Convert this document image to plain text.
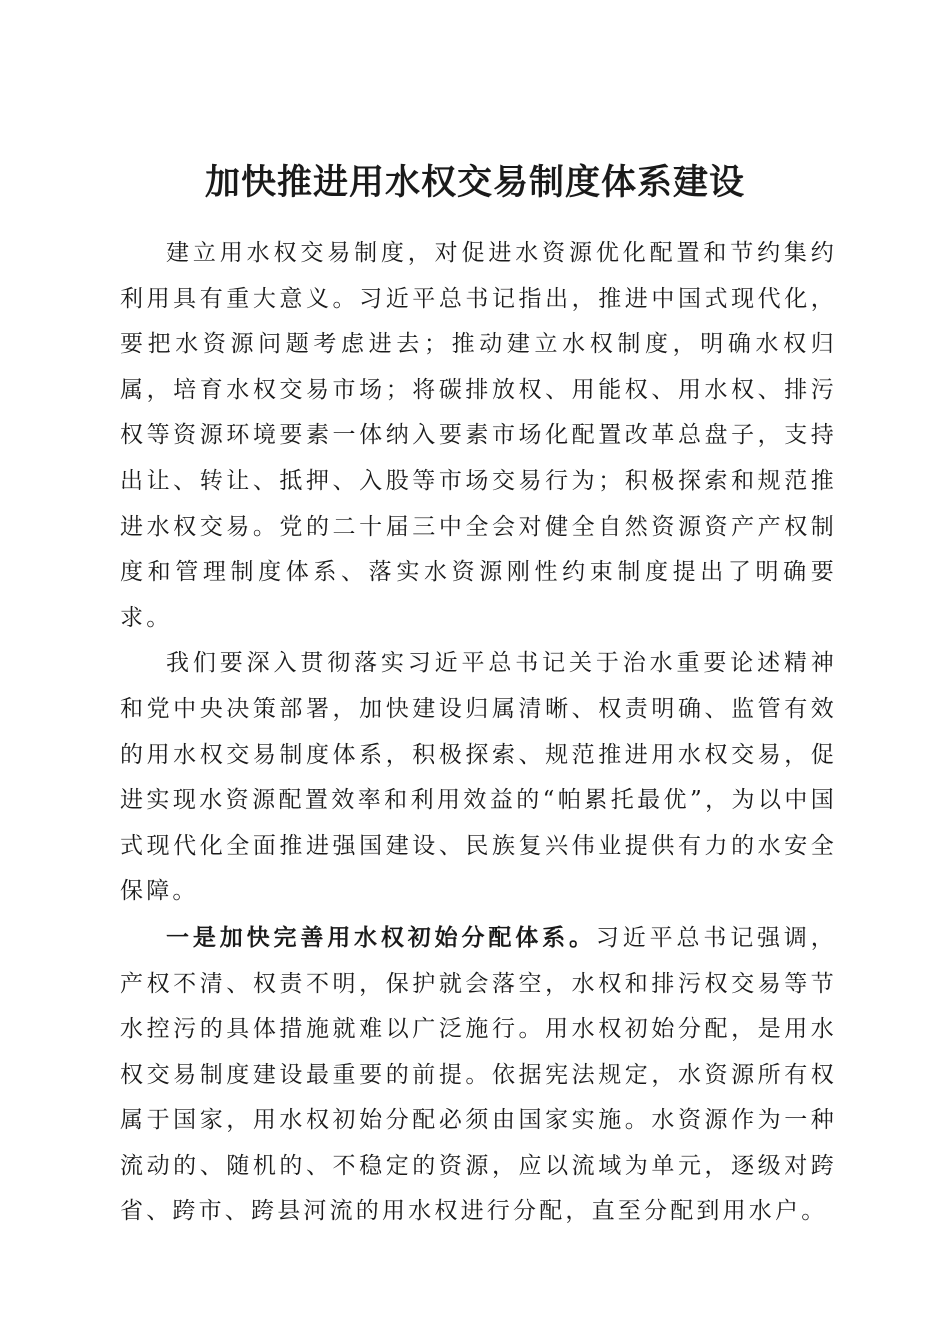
加快推进用水权交易制度体系建设

建立用水权交易制度，对促进水资源优化配置和节约集约利用具有重大意义。习近平总书记指出，推进中国式现代化，要把水资源问题考虑进去；推动建立水权制度，明确水权归属，培育水权交易市场；将碳排放权、用能权、用水权、排污权等资源环境要素一体纳入要素市场化配置改革总盘子，支持出让、转让、抵押、入股等市场交易行为；积极探索和规范推进水权交易。党的二十届三中全会对健全自然资源资产产权制度和管理制度体系、落实水资源刚性约束制度提出了明确要求。

我们要深入贯彻落实习近平总书记关于治水重要论述精神和党中央决策部署，加快建设归属清晰、权责明确、监管有效的用水权交易制度体系，积极探索、规范推进用水权交易，促进实现水资源配置效率和利用效益的“帕累托最优”，为以中国式现代化全面推进强国建设、民族复兴伟业提供有力的水安全保障。

一是加快完善用水权初始分配体系。习近平总书记强调，产权不清、权责不明，保护就会落空，水权和排污权交易等节水控污的具体措施就难以广泛施行。用水权初始分配，是用水权交易制度建设最重要的前提。依据宪法规定，水资源所有权属于国家，用水权初始分配必须由国家实施。水资源作为一种流动的、随机的、不稳定的资源，应以流域为单元，逐级对跨省、跨市、跨县河流的用水权进行分配，直至分配到用水户。
